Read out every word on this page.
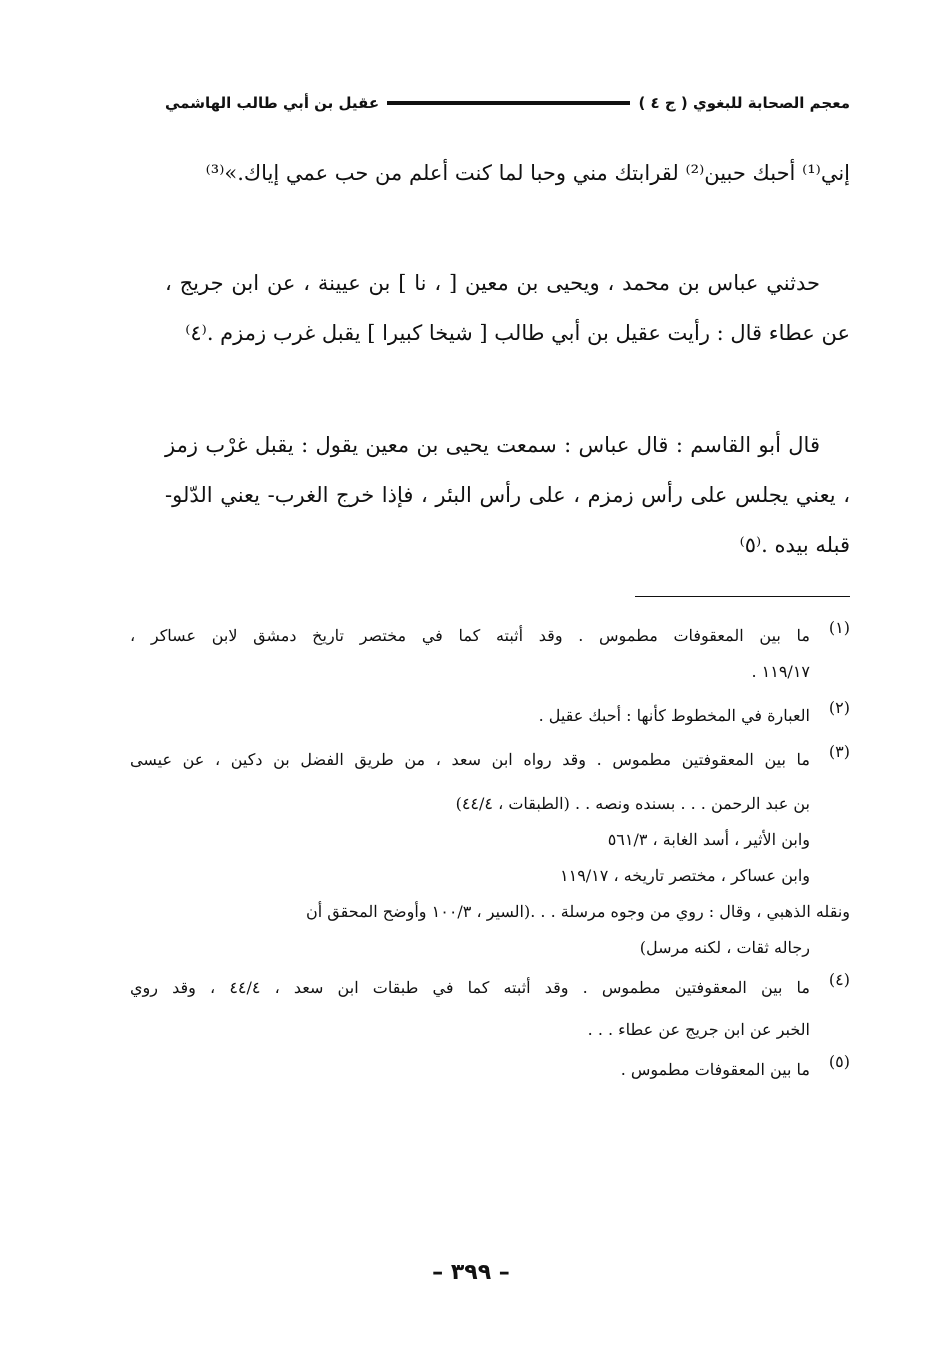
معجم الصحابة للبغوي ( ج ٤ )
عقيل بن أبي طالب الهاشمي
إني⁽¹⁾ أحبك حبين⁽²⁾ لقرابتك مني وحبا لما كنت أعلم من حب عمي إياك.»⁽³⁾
حدثني عباس بن محمد ، ويحيى بن معين [ ، نا ] بن عيينة ، عن ابن جريج ، عن عطاء قال : رأيت عقيل بن أبي طالب [ شيخا كبيرا ] يقبل غرب زمزم .⁽٤⁾
قال أبو القاسم : قال عباس : سمعت يحيى بن معين يقول : يقبل غرْب زمز ، يعني يجلس على رأس زمزم ، على رأس البئر ، فإذا خرج الغرب- يعني الدّلو- قبله بيده .⁽٥⁾
(١)
ما بين المعقوفات مطموس . وقد أثبته كما في مختصر تاريخ دمشق لابن عساكر ،
١١٩/١٧ .
(٢)
العبارة في المخطوط كأنها : أحبك عقيل .
(٣)
ما بين المعقوفتين مطموس . وقد رواه ابن سعد ، من طريق الفضل بن دكين ، عن عيسى
بن عبد الرحمن . . . بسنده ونصه . . (الطبقات ، ٤٤/٤)
وابن الأثير ، أسد الغابة ، ٥٦١/٣
وابن عساكر ، مختصر تاريخه ، ١١٩/١٧
ونقله الذهبي ، وقال : روي من وجوه مرسلة . . .(السير ، ١٠٠/٣ وأوضح المحقق أن
رجاله ثقات ، لكنه مرسل)
(٤)
ما بين المعقوفتين مطموس . وقد أثبته كما في طبقات ابن سعد ، ٤٤/٤ ، وقد روي
الخبر عن ابن جريج عن عطاء . . .
(٥)
ما بين المعقوفات مطموس .
– ٣٩٩ –
